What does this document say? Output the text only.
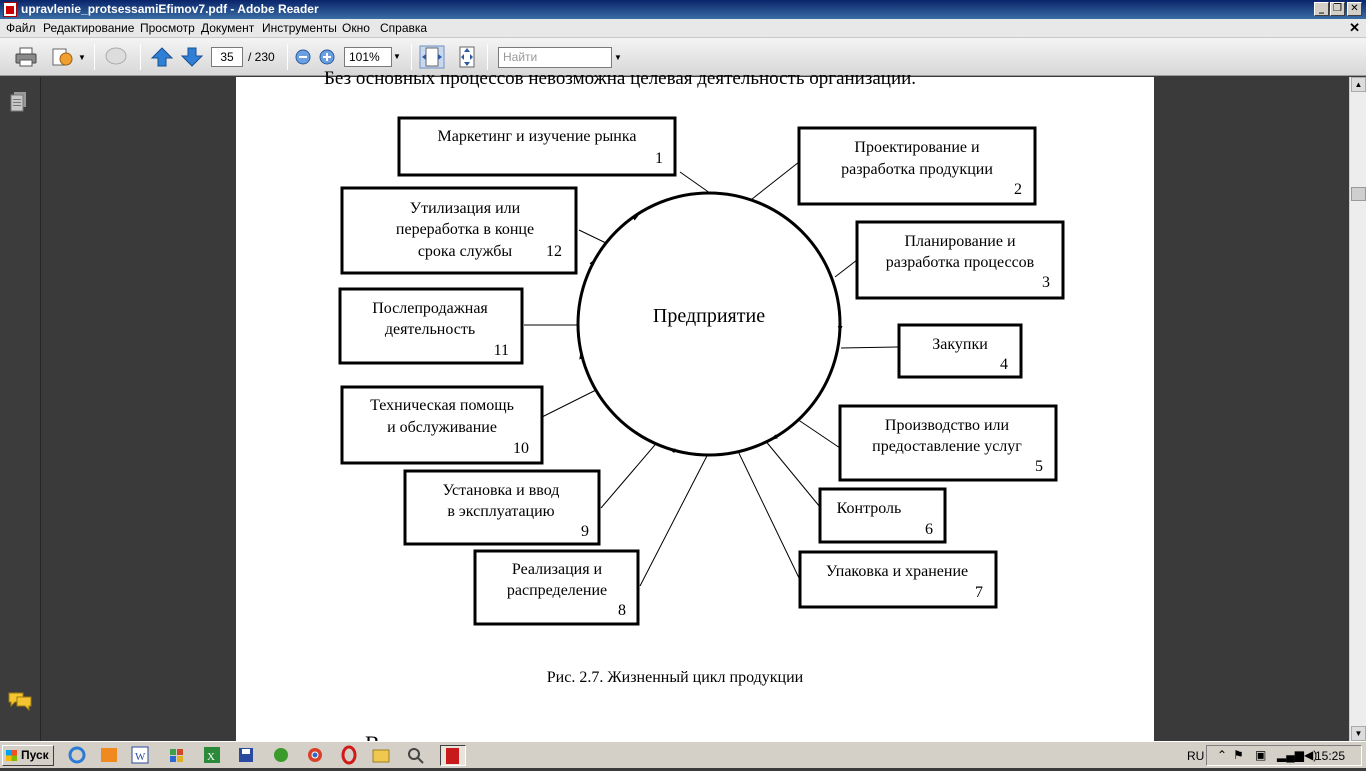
upravlenie_protsessamiEfimov7.pdf - Adobe Reader	_ ❐ ✕
Файл Редактирование Просмотр Документ Инструменты Окно Справка	✕
▼	35	/ 230	101%	▼	Найти	▼
Без основных процессов невозможна целевая деятельность организации.
Предприятие
Маркетинг и изучение рынка
1
Проектирование и
разработка продукции
2
Планирование и
разработка процессов
3
Закупки
4
Производство или
предоставление услуг
5
Контроль
6
Упаковка и хранение
7
Реализация и
распределение
8
Установка и ввод
в эксплуатацию
9
Техническая помощь
и обслуживание
10
Послепродажная
деятельность
11
Утилизация или
переработка в конце
срока службы 12
Рис. 2.7. Жизненный цикл продукции
▲
▼
Пуск	W	X	RU ⌃ ⚑ ▣ ▂▄▆ ◀)
15:25
